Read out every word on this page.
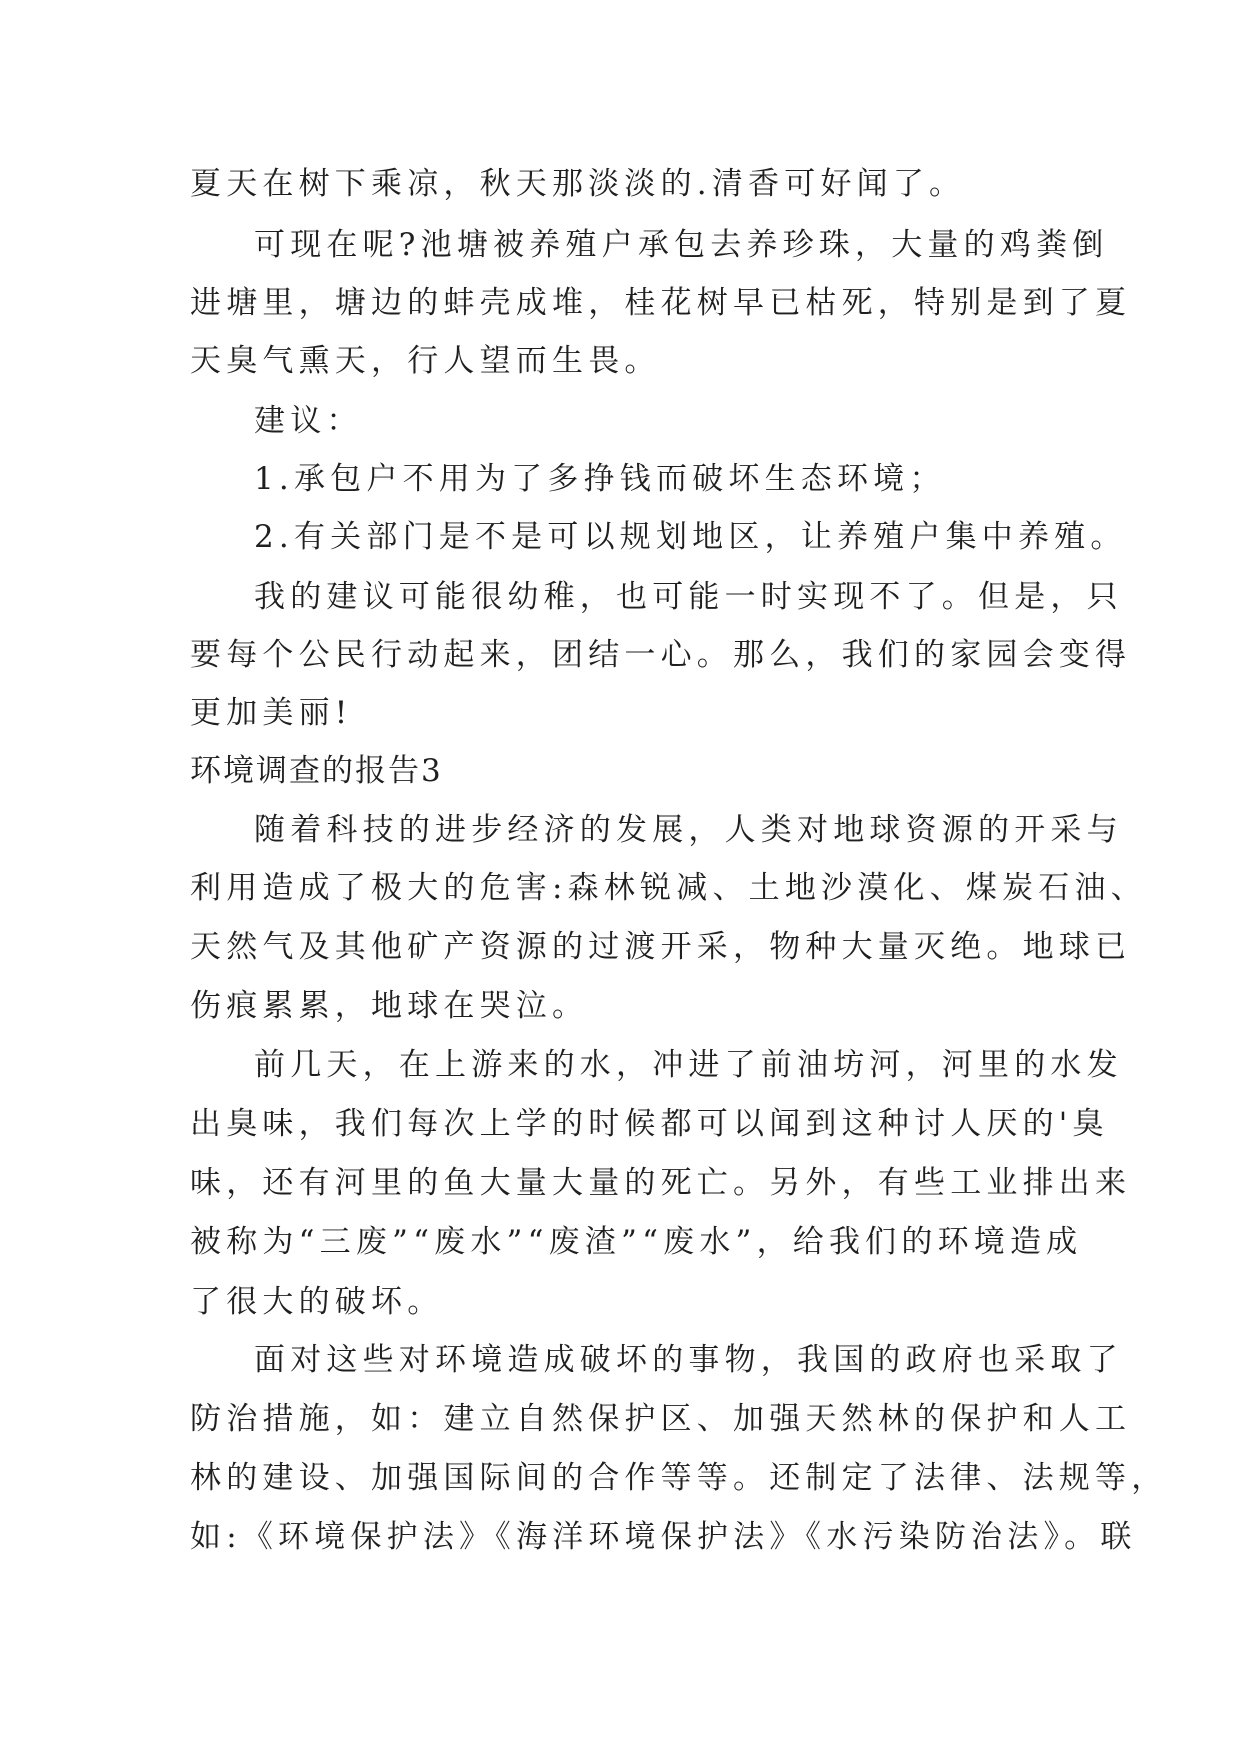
夏天在树下乘凉，秋天那淡淡的.清香可好闻了。
可现在呢?池塘被养殖户承包去养珍珠，大量的鸡粪倒
进塘里，塘边的蚌壳成堆，桂花树早已枯死，特别是到了夏
天臭气熏天，行人望而生畏。
建议：
1.承包户不用为了多挣钱而破坏生态环境；
2.有关部门是不是可以规划地区，让养殖户集中养殖。
我的建议可能很幼稚，也可能一时实现不了。但是，只
要每个公民行动起来，团结一心。那么，我们的家园会变得
更加美丽!
环境调查的报告3
随着科技的进步经济的发展，人类对地球资源的开采与
利用造成了极大的危害:森林锐减、土地沙漠化、煤炭石油、
天然气及其他矿产资源的过渡开采，物种大量灭绝。地球已
伤痕累累，地球在哭泣。
前几天，在上游来的水，冲进了前油坊河，河里的水发
出臭味，我们每次上学的时候都可以闻到这种讨人厌的'臭
味，还有河里的鱼大量大量的死亡。另外，有些工业排出来
被称为“三废”“废水”“废渣”“废水”，给我们的环境造成
了很大的破坏。
面对这些对环境造成破坏的事物，我国的政府也采取了
防治措施，如：建立自然保护区、加强天然林的保护和人工
林的建设、加强国际间的合作等等。还制定了法律、法规等，
如:《环境保护法》《海洋环境保护法》《水污染防治法》。联
